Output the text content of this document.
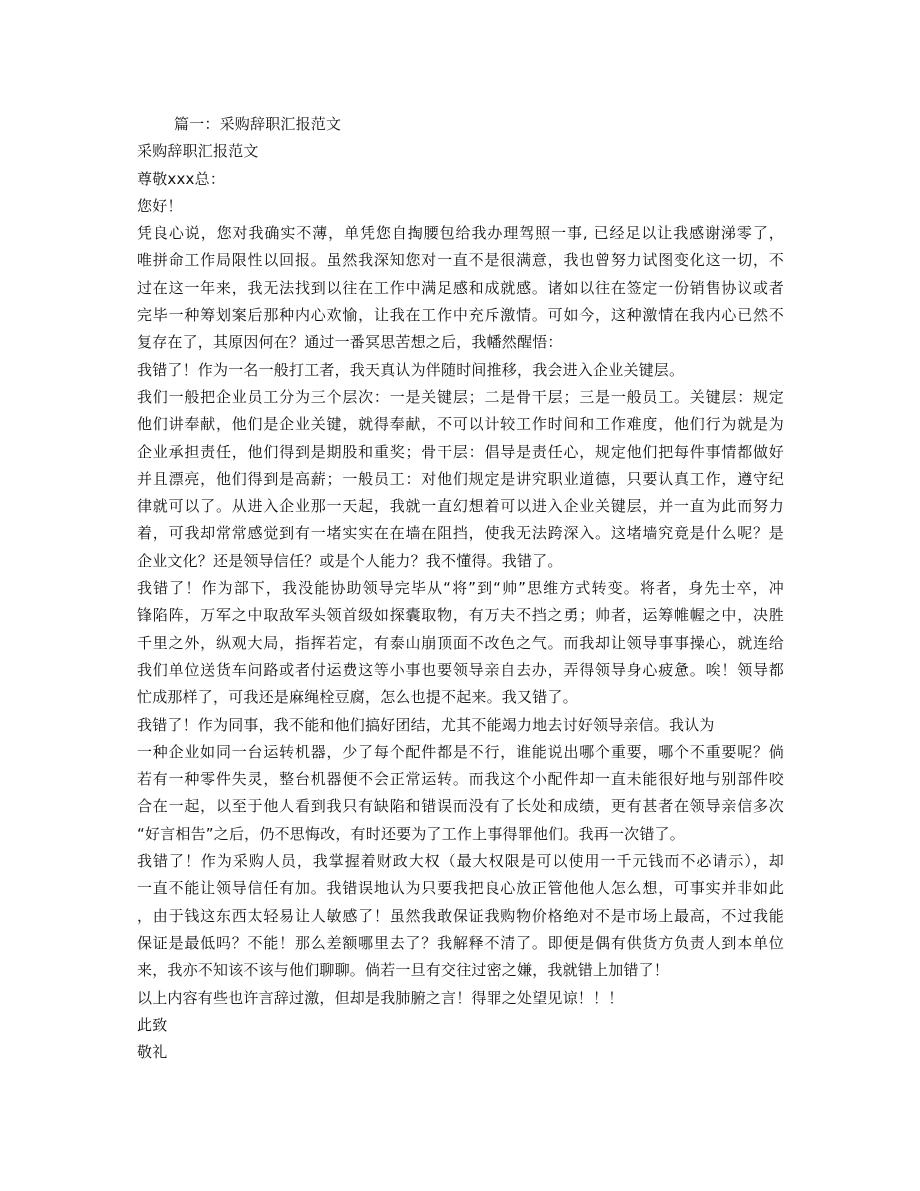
篇一：采购辞职汇报范文
采购辞职汇报范文
尊敬xxx总：
您好！
凭良心说，您对我确实不薄，单凭您自掏腰包给我办理驾照一事, 已经足以让我感谢涕零了，
唯拼命工作局限性以回报。虽然我深知您对一直不是很满意，我也曾努力试图变化这一切，不
过在这一年来，我无法找到以往在工作中满足感和成就感。诸如以往在签定一份销售协议或者
完毕一种筹划案后那种内心欢愉，让我在工作中充斥激情。可如今，这种激情在我内心已然不
复存在了，其原因何在？通过一番冥思苦想之后，我幡然醒悟：
我错了！作为一名一般打工者，我天真认为伴随时间推移，我会进入企业关键层。
我们一般把企业员工分为三个层次：一是关键层；二是骨干层；三是一般员工。关键层：规定
他们讲奉献，他们是企业关键，就得奉献，不可以计较工作时间和工作难度，他们行为就是为
企业承担责任，他们得到是期股和重奖；骨干层：倡导是责任心，规定他们把每件事情都做好
并且漂亮，他们得到是高薪；一般员工：对他们规定是讲究职业道德，只要认真工作，遵守纪
律就可以了。从进入企业那一天起，我就一直幻想着可以进入企业关键层，并一直为此而努力
着，可我却常常感觉到有一堵实实在在墙在阻挡，使我无法跨深入。这堵墙究竟是什么呢？是
企业文化？还是领导信任？或是个人能力？我不懂得。我错了。
我错了！作为部下，我没能协助领导完毕从“将”到“帅”思维方式转变。将者，身先士卒，冲
锋陷阵，万军之中取敌军头领首级如探囊取物，有万夫不挡之勇；帅者，运筹帷幄之中，决胜
千里之外，纵观大局，指挥若定，有泰山崩顶面不改色之气。而我却让领导事事操心，就连给
我们单位送货车问路或者付运费这等小事也要领导亲自去办，弄得领导身心疲惫。唉！领导都
忙成那样了，可我还是麻绳栓豆腐，怎么也提不起来。我又错了。
我错了！作为同事，我不能和他们搞好团结，尤其不能竭力地去讨好领导亲信。我认为
一种企业如同一台运转机器，少了每个配件都是不行，谁能说出哪个重要，哪个不重要呢？倘
若有一种零件失灵，整台机器便不会正常运转。而我这个小配件却一直未能很好地与别部件咬
合在一起，以至于他人看到我只有缺陷和错误而没有了长处和成绩，更有甚者在领导亲信多次
“好言相告”之后，仍不思悔改，有时还要为了工作上事得罪他们。我再一次错了。
我错了！作为采购人员，我掌握着财政大权（最大权限是可以使用一千元钱而不必请示），却
一直不能让领导信任有加。我错误地认为只要我把良心放正管他他人怎么想，可事实并非如此
，由于钱这东西太轻易让人敏感了！虽然我敢保证我购物价格绝对不是市场上最高，不过我能
保证是最低吗？不能！那么差额哪里去了？我解释不清了。即便是偶有供货方负责人到本单位
来，我亦不知该不该与他们聊聊。倘若一旦有交往过密之嫌，我就错上加错了！
以上内容有些也许言辞过激，但却是我肺腑之言！得罪之处望见谅！！！
此致
敬礼
